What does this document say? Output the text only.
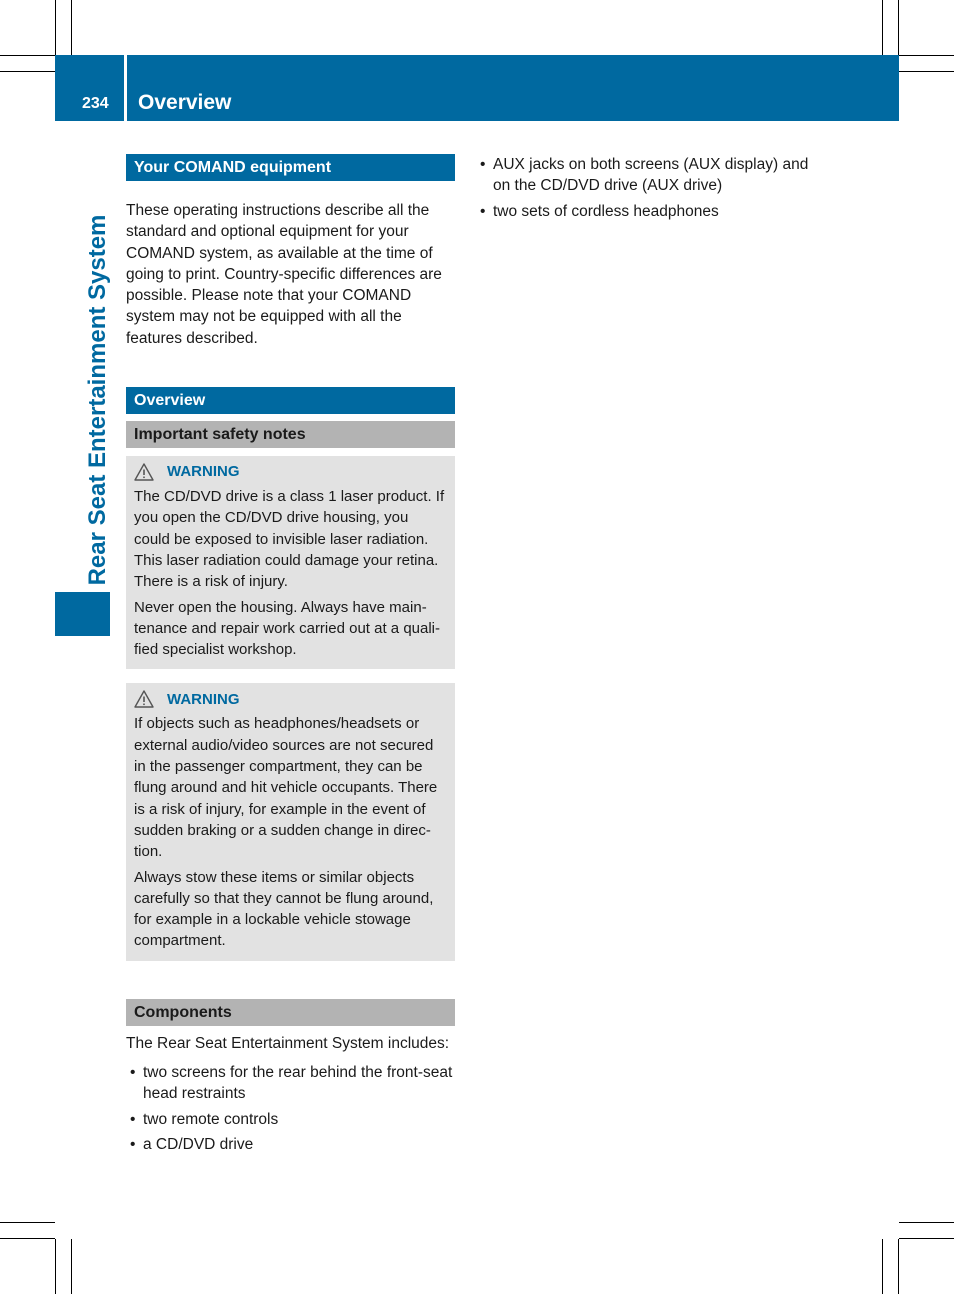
234 Overview
Rear Seat Entertainment System
Your COMAND equipment

These operating instructions describe all the standard and optional equipment for your COMAND system, as available at the time of going to print. Country-specific differences are possible. Please note that your COMAND system may not be equipped with all the features described.

Overview
Important safety notes
WARNING

The CD/DVD drive is a class 1 laser product. If you open the CD/DVD drive housing, you could be exposed to invisible laser radiation. This laser radiation could damage your retina. There is a risk of injury.

Never open the housing. Always have maintenance and repair work carried out at a qualified specialist workshop.

WARNING

If objects such as headphones/headsets or external audio/video sources are not secured in the passenger compartment, they can be flung around and hit vehicle occupants. There is a risk of injury, for example in the event of sudden braking or a sudden change in direction.

Always stow these items or similar objects carefully so that they cannot be flung around, for example in a lockable vehicle stowage compartment.

Components

The Rear Seat Entertainment System includes:

• two screens for the rear behind the front-seat head restraints
• two remote controls
• a CD/DVD drive
• AUX jacks on both screens (AUX display) and on the CD/DVD drive (AUX drive)
• two sets of cordless headphones
